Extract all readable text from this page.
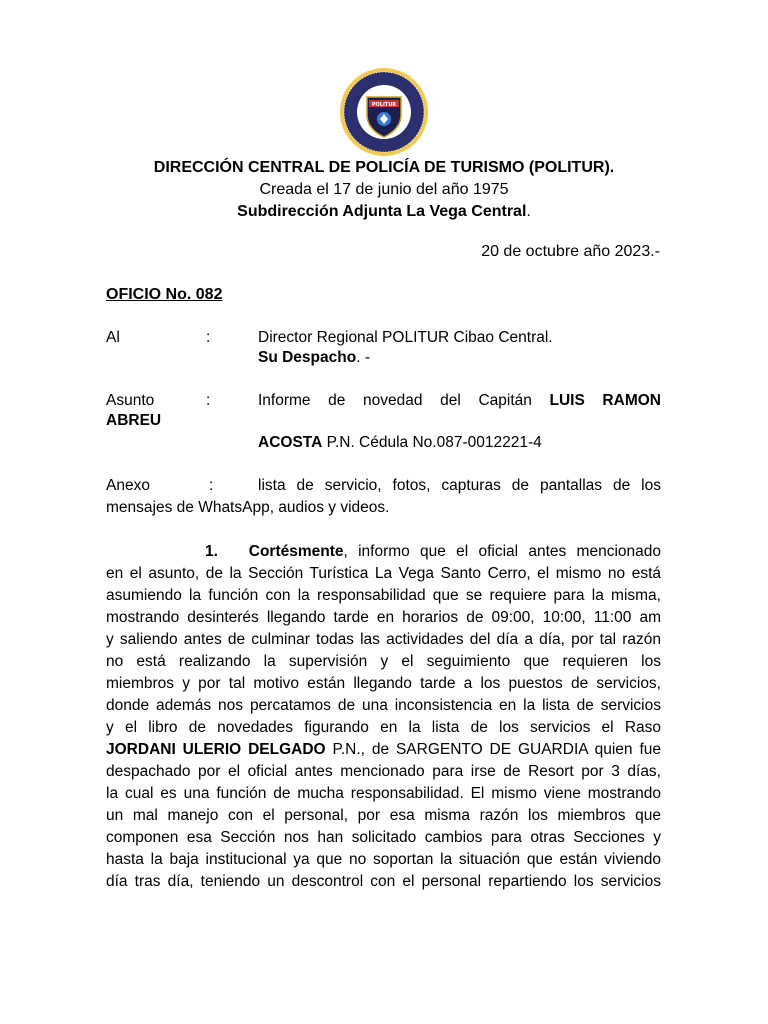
POLITUR
DIRECCIÓN CENTRAL DE POLICÍA DE TURISMO (POLITUR).
Creada el 17 de junio del año 1975
Subdirección Adjunta La Vega Central.
20 de octubre año 2023.-
OFICIO No. 082
Al	:	Director Regional POLITUR Cibao Central.
Su Despacho. -
Asunto	:	Informe de novedad del Capitán LUIS RAMON
ABREU
ACOSTA P.N. Cédula No.087-0012221-4
Anexo	:	lista de servicio, fotos, capturas de pantallas de los
mensajes de WhatsApp, audios y videos.
1. Cortésmente, informo que el oficial antes mencionado
en el asunto, de la Sección Turística La Vega Santo Cerro, el mismo no está
asumiendo la función con la responsabilidad que se requiere para la misma,
mostrando desinterés llegando tarde en horarios de 09:00, 10:00, 11:00 am
y saliendo antes de culminar todas las actividades del día a día, por tal razón
no está realizando la supervisión y el seguimiento que requieren los
miembros y por tal motivo están llegando tarde a los puestos de servicios,
donde además nos percatamos de una inconsistencia en la lista de servicios
y el libro de novedades figurando en la lista de los servicios el Raso
JORDANI ULERIO DELGADO P.N., de SARGENTO DE GUARDIA quien fue
despachado por el oficial antes mencionado para irse de Resort por 3 días,
la cual es una función de mucha responsabilidad. El mismo viene mostrando
un mal manejo con el personal, por esa misma razón los miembros que
componen esa Sección nos han solicitado cambios para otras Secciones y
hasta la baja institucional ya que no soportan la situación que están viviendo
día tras día, teniendo un descontrol con el personal repartiendo los servicios
